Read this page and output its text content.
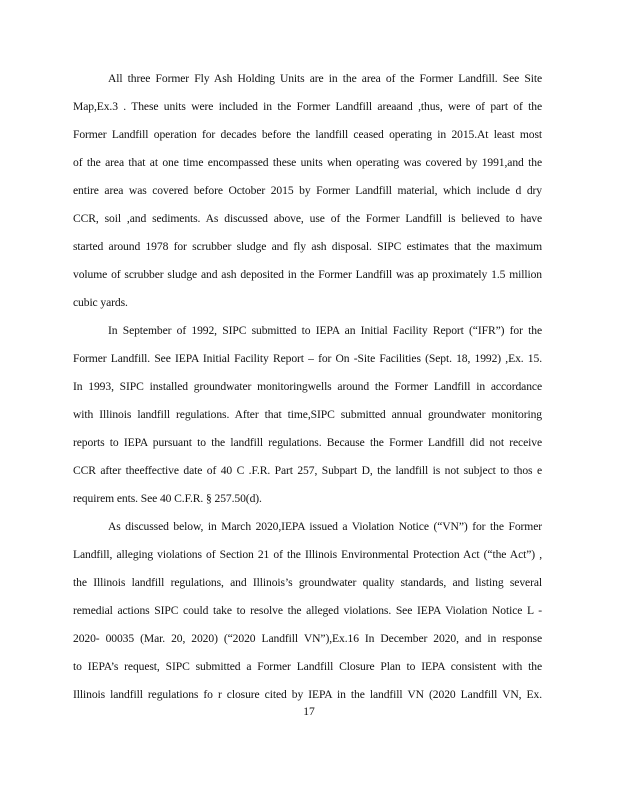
All three Former Fly Ash Holding Units are in the area of the Former Landfill. See Site
Map,Ex.3 . These units were included in the Former Landfill areaand ,thus, were of part of the
Former Landfill operation for decades before the landfill ceased operating in 2015.At least most
of the area that at one time encompassed these units when operating was covered by 1991,and the
entire area was covered before October 2015 by Former Landfill material, which include d dry
CCR, soil ,and sediments. As discussed above, use of the Former Landfill is believed to have
started around 1978 for scrubber sludge and fly ash disposal. SIPC estimates that the maximum
volume of scrubber sludge and ash deposited in the Former Landfill was ap proximately 1.5 million
cubic yards.
In September of 1992, SIPC submitted to IEPA an Initial Facility Report (“IFR”) for the
Former Landfill. See IEPA Initial Facility Report – for On -Site Facilities (Sept. 18, 1992) ,Ex. 15.
In 1993, SIPC installed groundwater monitoringwells around the Former Landfill in accordance
with Illinois landfill regulations. After that time,SIPC submitted annual groundwater monitoring
reports to IEPA pursuant to the landfill regulations. Because the Former Landfill did not receive
CCR after theeffective date of 40 C .F.R. Part 257, Subpart D, the landfill is not subject to thos e
requirem ents. See 40 C.F.R. § 257.50(d).
As discussed below, in March 2020,IEPA issued a Violation Notice (“VN”) for the Former
Landfill, alleging violations of Section 21 of the Illinois Environmental Protection Act (“the Act”) ,
the Illinois landfill regulations, and Illinois’s groundwater quality standards, and listing several
remedial actions SIPC could take to resolve the alleged violations. See IEPA Violation Notice L -
2020- 00035 (Mar. 20, 2020) (“2020 Landfill VN”),Ex.16 In December 2020, and in response
to IEPA’s request, SIPC submitted a Former Landfill Closure Plan to IEPA consistent with the
Illinois landfill regulations fo r closure cited by IEPA in the landfill VN (2020 Landfill VN, Ex.
17
